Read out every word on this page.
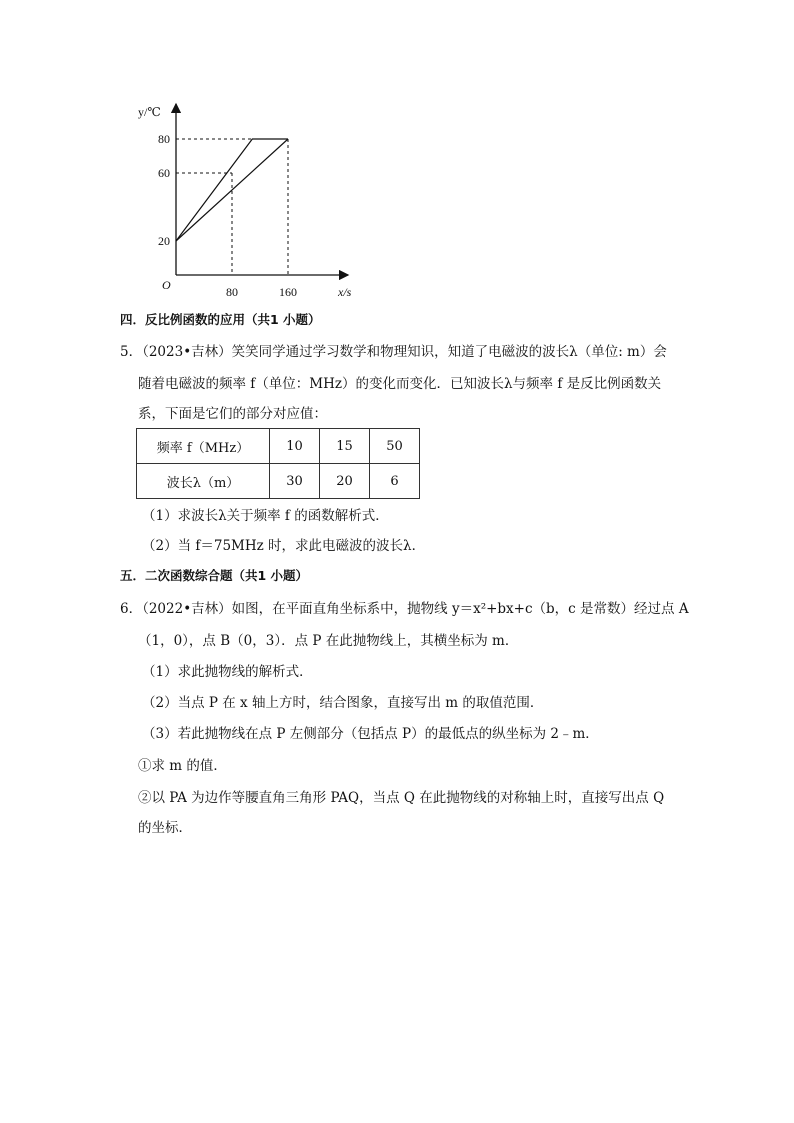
y/℃
O
20
60
80
80	160	x/s
四．反比例函数的应用（共1 小题）
5．（2023•吉林）笑笑同学通过学习数学和物理知识，知道了电磁波的波长λ（单位: m）会
随着电磁波的频率 f（单位：MHz）的变化而变化．已知波长λ与频率 f 是反比例函数关
系，下面是它们的部分对应值：
频率 f（MHz）	10	15	50
波长λ（m）	30	20	6
（1）求波长λ关于频率 f 的函数解析式．
（2）当 f＝75MHz 时，求此电磁波的波长λ．
五．二次函数综合题（共1 小题）
6．（2022•吉林）如图，在平面直角坐标系中，抛物线 y＝x²+bx+c（b，c 是常数）经过点 A
（1，0），点 B（0，3）．点 P 在此抛物线上，其横坐标为 m．
（1）求此抛物线的解析式．
（2）当点 P 在 x 轴上方时，结合图象，直接写出 m 的取值范围．
（3）若此抛物线在点 P 左侧部分（包括点 P）的最低点的纵坐标为 2﹣m．
①求 m 的值．
②以 PA 为边作等腰直角三角形 PAQ，当点 Q 在此抛物线的对称轴上时，直接写出点 Q
的坐标．
